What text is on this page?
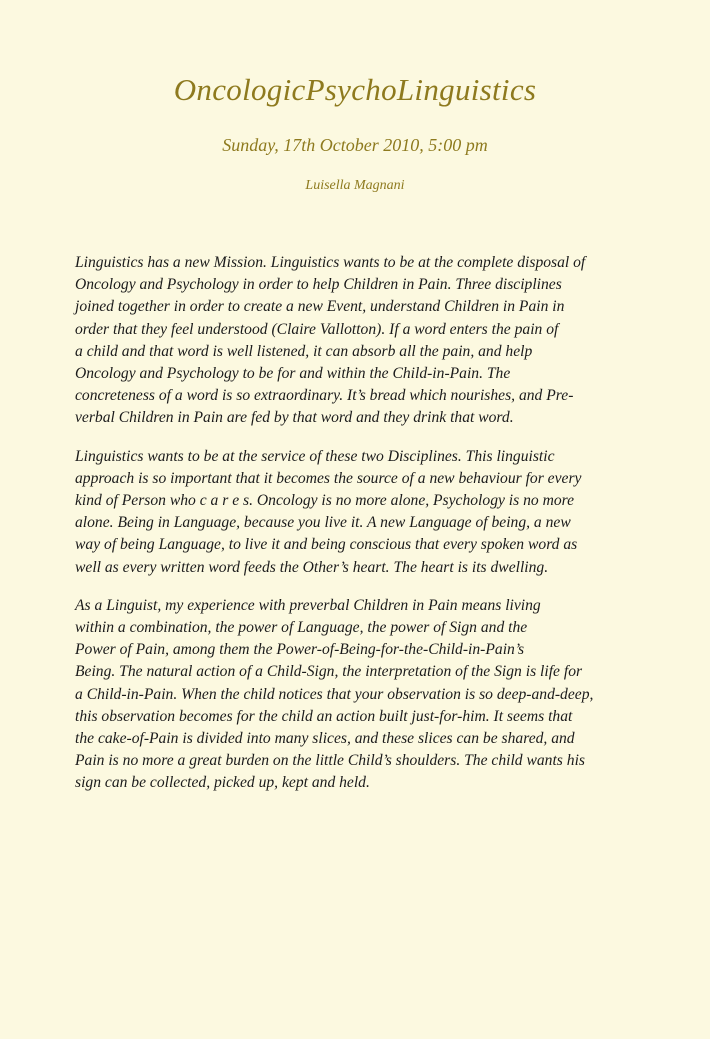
OncologicPsychoLinguistics
Sunday, 17th October 2010, 5:00 pm
Luisella Magnani
Linguistics has a new Mission. Linguistics wants to be at the complete disposal of
Oncology and Psychology in order to help Children in Pain. Three disciplines
joined together in order to create a new Event, understand Children in Pain in
order that they feel understood (Claire Vallotton). If a word enters the pain of
a child and that word is well listened, it can absorb all the pain, and help
Oncology and Psychology to be for and within the Child-in-Pain. The
concreteness of a word is so extraordinary. It’s bread which nourishes, and Pre-
verbal Children in Pain are fed by that word and they drink that word.
Linguistics wants to be at the service of these two Disciplines. This linguistic
approach is so important that it becomes the source of a new behaviour for every
kind of Person who c a r e s. Oncology is no more alone, Psychology is no more
alone. Being in Language, because you live it. A new Language of being, a new
way of being Language, to live it and being conscious that every spoken word as
well as every written word feeds the Other’s heart. The heart is its dwelling.
As a Linguist, my experience with preverbal Children in Pain means living
within a combination, the power of Language, the power of Sign and the
Power of Pain, among them the Power-of-Being-for-the-Child-in-Pain’s
Being. The natural action of a Child-Sign, the interpretation of the Sign is life for
a Child-in-Pain. When the child notices that your observation is so deep-and-deep,
this observation becomes for the child an action built just-for-him. It seems that
the cake-of-Pain is divided into many slices, and these slices can be shared, and
Pain is no more a great burden on the little Child’s shoulders. The child wants his
sign can be collected, picked up, kept and held.
